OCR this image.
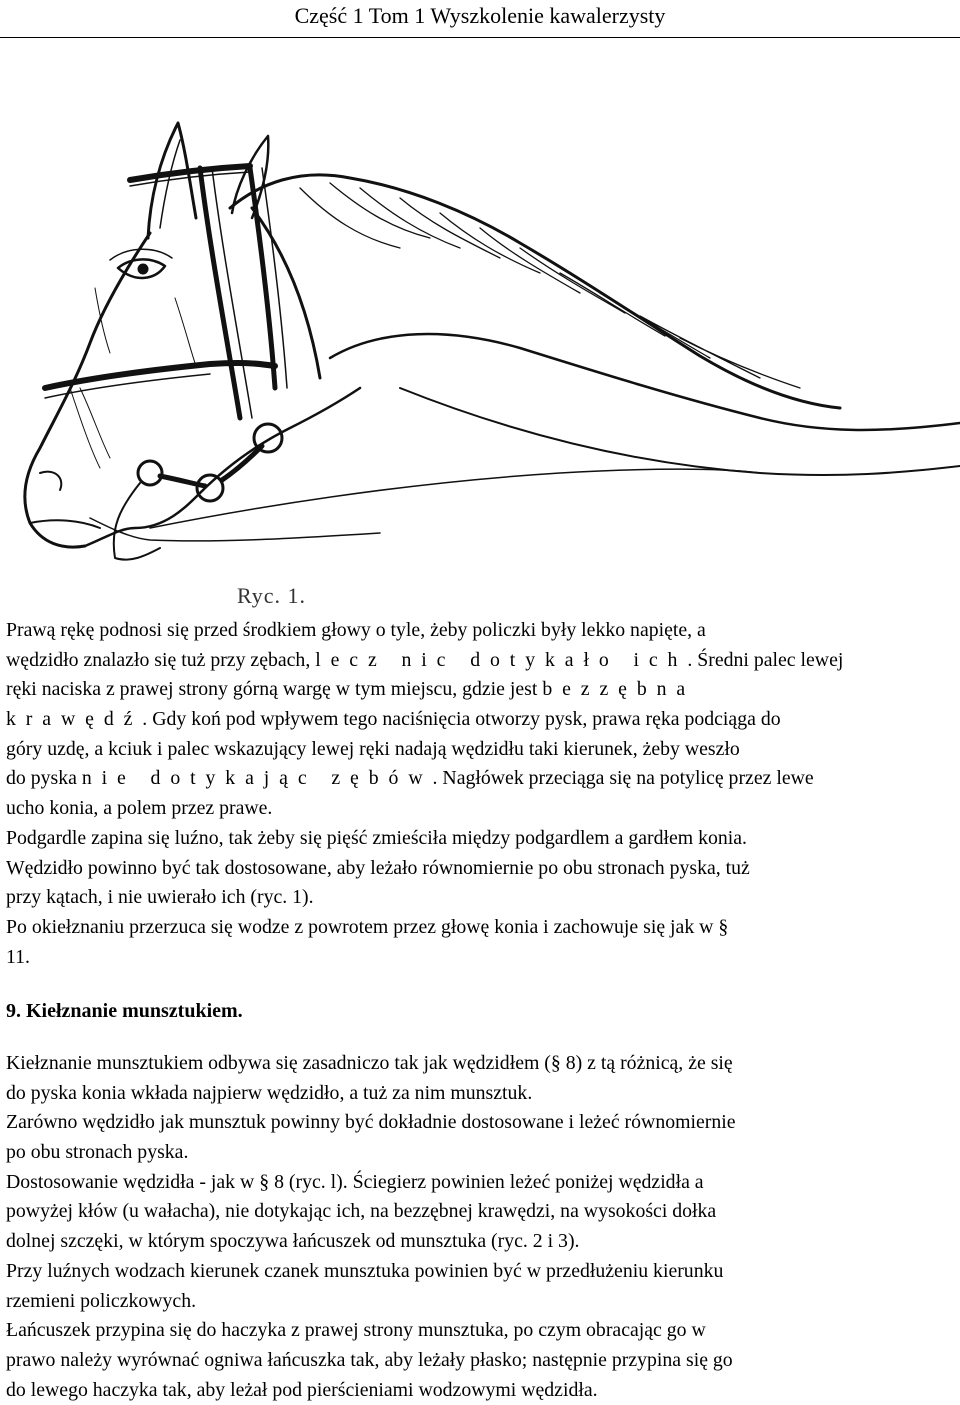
Część 1 Tom 1 Wyszkolenie kawalerzysty
Ryc. 1.
Prawą rękę podnosi się przed środkiem głowy o tyle, żeby policzki były lekko napięte, a
wędzidło znalazło się tuż przy zębach, lecz nic dotykało ich. Średni palec lewej
ręki naciska z prawej strony górną wargę w tym miejscu, gdzie jest bezzębna
krawędź. Gdy koń pod wpływem tego naciśnięcia otworzy pysk, prawa ręka podciąga do
góry uzdę, a kciuk i palec wskazujący lewej ręki nadają wędzidłu taki kierunek, żeby weszło
do pyska nie dotykając zębów. Nagłówek przeciąga się na potylicę przez lewe
ucho konia, a polem przez prawe.
Podgardle zapina się luźno, tak żeby się pięść zmieściła między podgardlem a gardłem konia.
Wędzidło powinno być tak dostosowane, aby leżało równomiernie po obu stronach pyska, tuż
przy kątach, i nie uwierało ich (ryc. 1).
Po okiełznaniu przerzuca się wodze z powrotem przez głowę konia i zachowuje się jak w §
11.
9. Kiełznanie munsztukiem.
Kiełznanie munsztukiem odbywa się zasadniczo tak jak wędzidłem (§ 8) z tą różnicą, że się
do pyska konia wkłada najpierw wędzidło, a tuż za nim munsztuk.
Zarówno wędzidło jak munsztuk powinny być dokładnie dostosowane i leżeć równomiernie
po obu stronach pyska.
Dostosowanie wędzidła - jak w § 8 (ryc. l). Ściegierz powinien leżeć poniżej wędzidła a
powyżej kłów (u wałacha), nie dotykając ich, na bezzębnej krawędzi, na wysokości dołka
dolnej szczęki, w którym spoczywa łańcuszek od munsztuka (ryc. 2 i 3).
Przy luźnych wodzach kierunek czanek munsztuka powinien być w przedłużeniu kierunku
rzemieni policzkowych.
Łańcuszek przypina się do haczyka z prawej strony munsztuka, po czym obracając go w
prawo należy wyrównać ogniwa łańcuszka tak, aby leżały płasko; następnie przypina się go
do lewego haczyka tak, aby leżał pod pierścieniami wodzowymi wędzidła.
